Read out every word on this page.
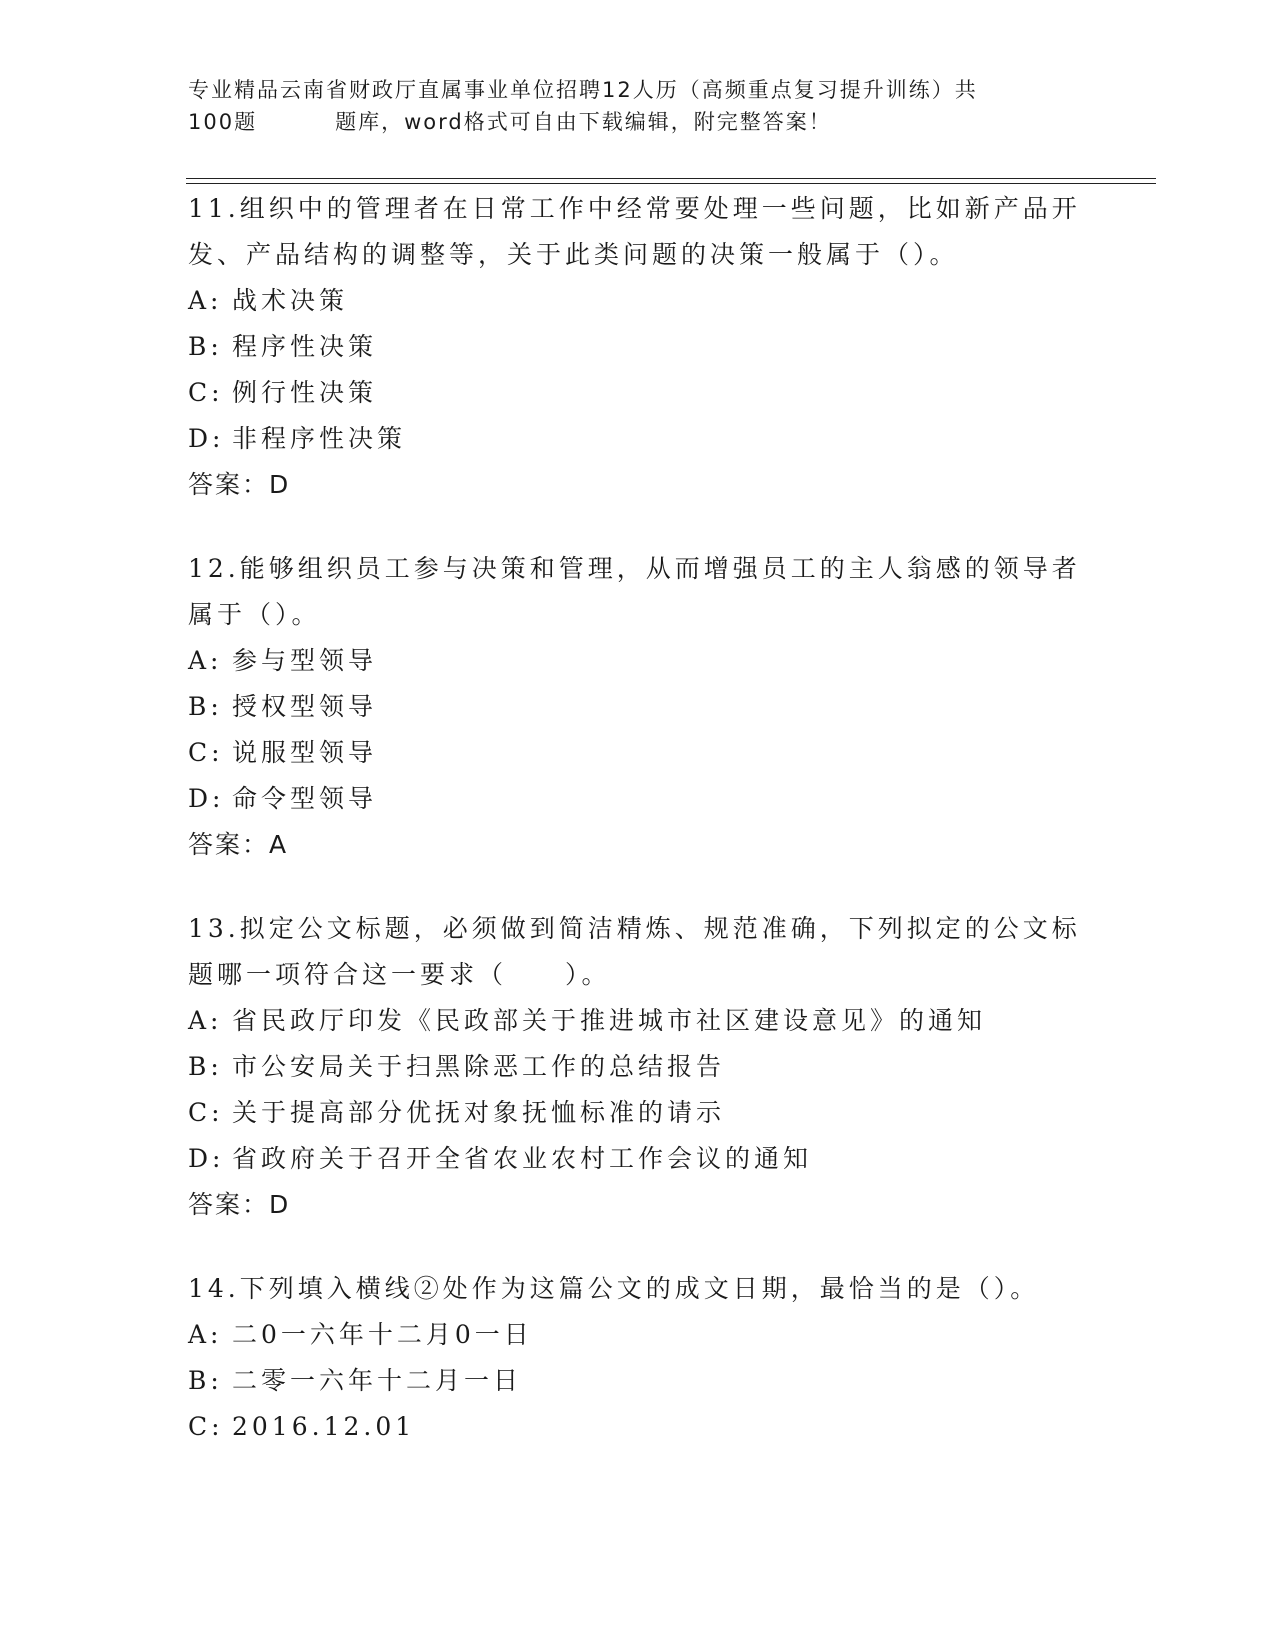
专业精品云南省财政厅直属事业单位招聘12人历（高频重点复习提升训练）共
100题	题库，word格式可自由下载编辑，附完整答案！
11.组织中的管理者在日常工作中经常要处理一些问题，比如新产品开发、产品结构的调整等，关于此类问题的决策一般属于（）。
A: 战术决策
B: 程序性决策
C: 例行性决策
D: 非程序性决策
答案：D
12.能够组织员工参与决策和管理，从而增强员工的主人翁感的领导者属于（）。
A: 参与型领导
B: 授权型领导
C: 说服型领导
D: 命令型领导
答案：A
13.拟定公文标题，必须做到简洁精炼、规范准确，下列拟定的公文标题哪一项符合这一要求（　　）。
A: 省民政厅印发《民政部关于推进城市社区建设意见》的通知
B: 市公安局关于扫黑除恶工作的总结报告
C: 关于提高部分优抚对象抚恤标准的请示
D: 省政府关于召开全省农业农村工作会议的通知
答案：D
14.下列填入横线②处作为这篇公文的成文日期，最恰当的是（）。
A: 二0一六年十二月0一日
B: 二零一六年十二月一日
C: 2016.12.01
